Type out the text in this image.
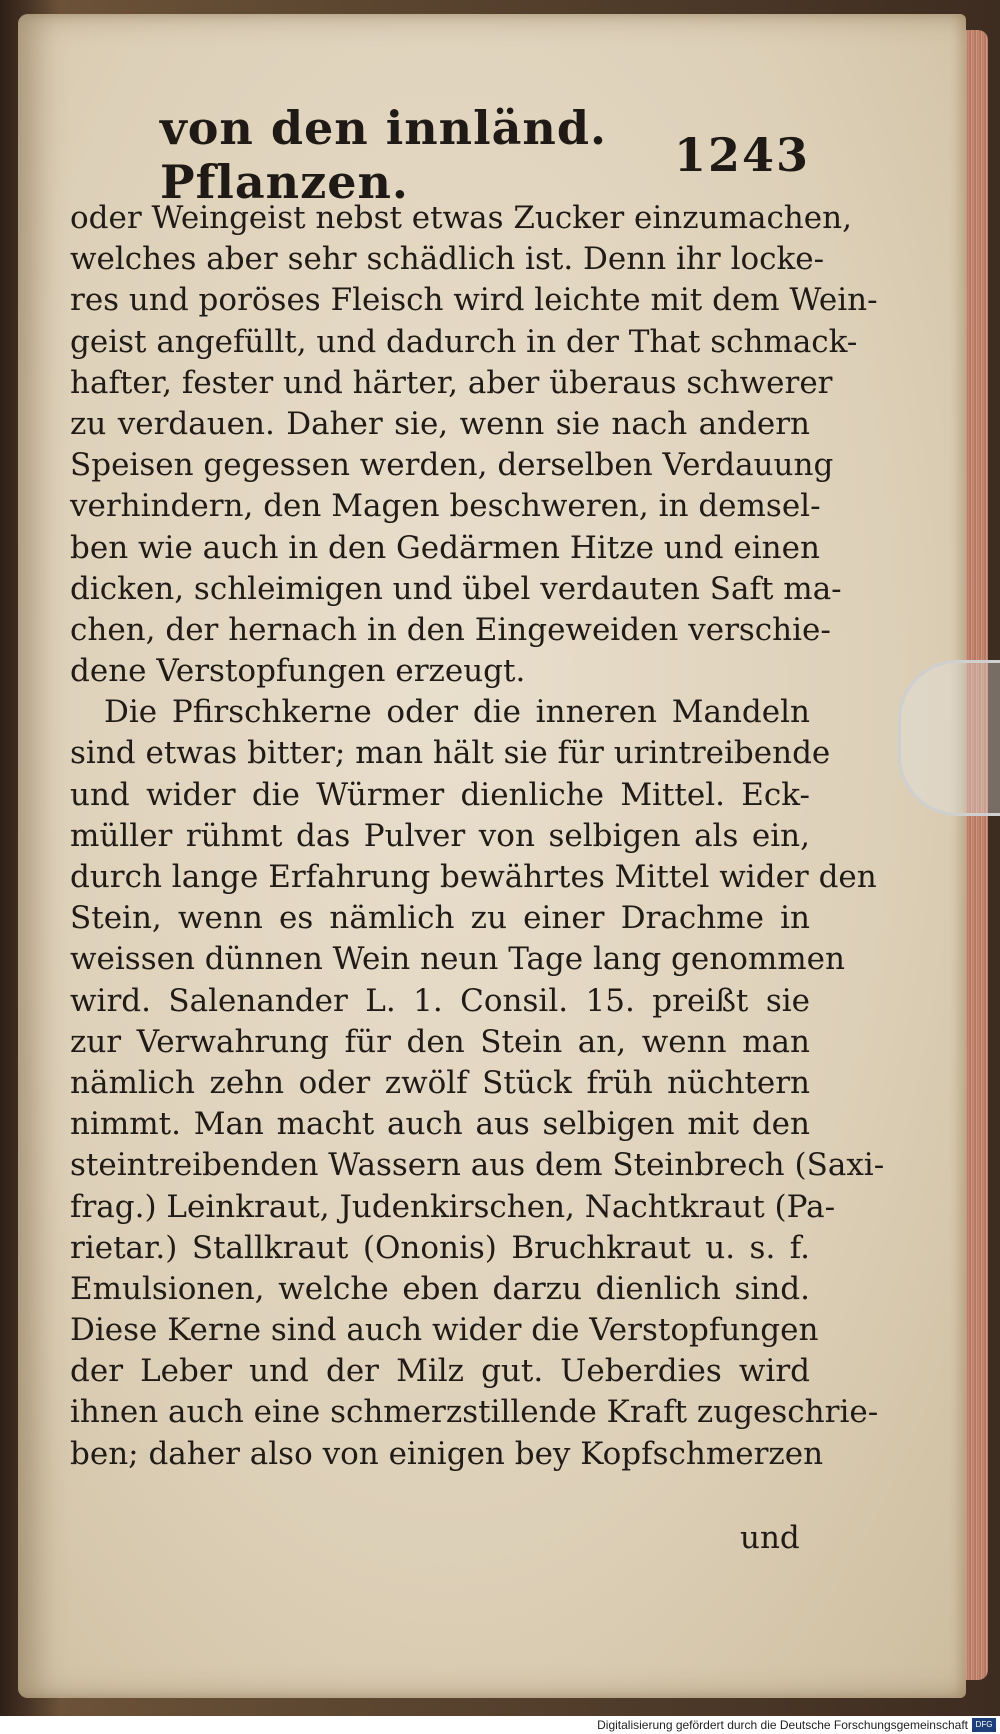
von den innländ. Pflanzen.	1243
oder Weingeist nebst etwas Zucker einzumachen,
welches aber sehr schädlich ist. Denn ihr locke-
res und poröses Fleisch wird leichte mit dem Wein-
geist angefüllt, und dadurch in der That schmack-
hafter, fester und härter, aber überaus schwerer
zu verdauen. Daher sie, wenn sie nach andern
Speisen gegessen werden, derselben Verdauung
verhindern, den Magen beschweren, in demsel-
ben wie auch in den Gedärmen Hitze und einen
dicken, schleimigen und übel verdauten Saft ma-
chen, der hernach in den Eingeweiden verschie-
dene Verstopfungen erzeugt.
Die Pfirschkerne oder die inneren Mandeln
sind etwas bitter; man hält sie für urintreibende
und wider die Würmer dienliche Mittel. Eck-
müller rühmt das Pulver von selbigen als ein,
durch lange Erfahrung bewährtes Mittel wider den
Stein, wenn es nämlich zu einer Drachme in
weissen dünnen Wein neun Tage lang genommen
wird. Salenander L. 1. Consil. 15. preißt sie
zur Verwahrung für den Stein an, wenn man
nämlich zehn oder zwölf Stück früh nüchtern
nimmt. Man macht auch aus selbigen mit den
steintreibenden Wassern aus dem Steinbrech (Saxi-
frag.) Leinkraut, Judenkirschen, Nachtkraut (Pa-
rietar.) Stallkraut (Ononis) Bruchkraut u. s. f.
Emulsionen, welche eben darzu dienlich sind.
Diese Kerne sind auch wider die Verstopfungen
der Leber und der Milz gut. Ueberdies wird
ihnen auch eine schmerzstillende Kraft zugeschrie-
ben; daher also von einigen bey Kopfschmerzen
und
Digitalisierung gefördert durch die Deutsche Forschungsgemeinschaft DFG
